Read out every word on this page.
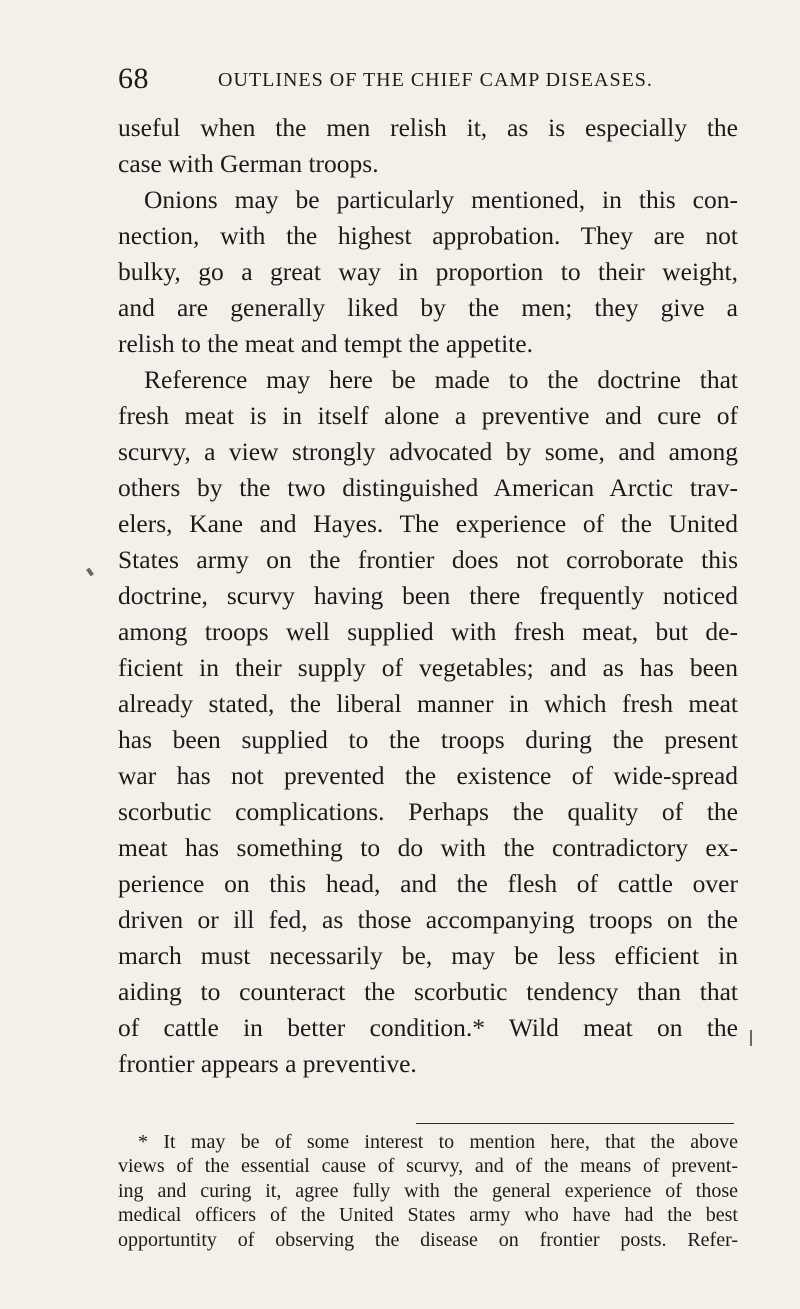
68	OUTLINES OF THE CHIEF CAMP DISEASES.
useful when the men relish it, as is especially the
case with German troops.
Onions may be particularly mentioned, in this con-
nection, with the highest approbation. They are not
bulky, go a great way in proportion to their weight,
and are generally liked by the men; they give a
relish to the meat and tempt the appetite.
Reference may here be made to the doctrine that
fresh meat is in itself alone a preventive and cure of
scurvy, a view strongly advocated by some, and among
others by the two distinguished American Arctic trav-
elers, Kane and Hayes. The experience of the United
States army on the frontier does not corroborate this
doctrine, scurvy having been there frequently noticed
among troops well supplied with fresh meat, but de-
ficient in their supply of vegetables; and as has been
already stated, the liberal manner in which fresh meat
has been supplied to the troops during the present
war has not prevented the existence of wide-spread
scorbutic complications. Perhaps the quality of the
meat has something to do with the contradictory ex-
perience on this head, and the flesh of cattle over
driven or ill fed, as those accompanying troops on the
march must necessarily be, may be less efficient in
aiding to counteract the scorbutic tendency than that
of cattle in better condition.* Wild meat on the
frontier appears a preventive.
* It may be of some interest to mention here, that the above
views of the essential cause of scurvy, and of the means of prevent-
ing and curing it, agree fully with the general experience of those
medical officers of the United States army who have had the best
opportuntity of observing the disease on frontier posts. Refer-
